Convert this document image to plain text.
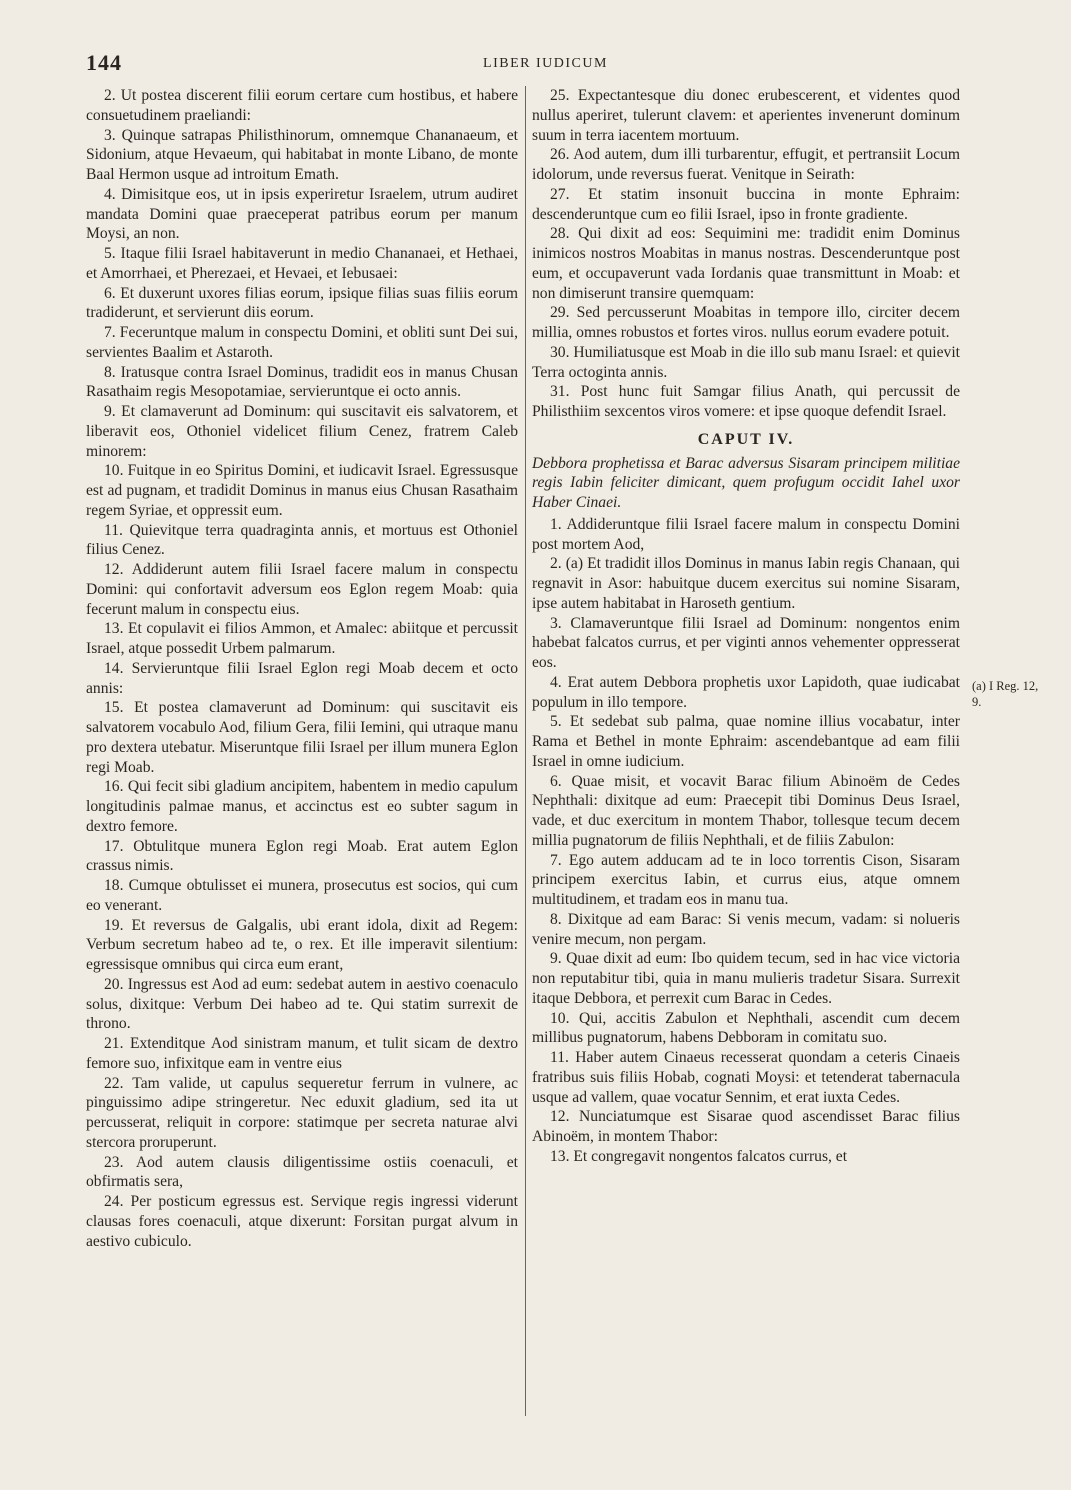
144	LIBER IUDICUM

2. Ut postea discerent filii eorum certare cum hostibus, et habere consuetudinem praeliandi:

3. Quinque satrapas Philisthinorum, omnemque Chananaeum, et Sidonium, atque Hevaeum, qui habitabat in monte Libano, de monte Baal Hermon usque ad introitum Emath.

4. Dimisitque eos, ut in ipsis experiretur Israelem, utrum audiret mandata Domini quae praeceperat patribus eorum per manum Moysi, an non.

5. Itaque filii Israel habitaverunt in medio Chananaei, et Hethaei, et Amorrhaei, et Pherezaei, et Hevaei, et Iebusaei:

6. Et duxerunt uxores filias eorum, ipsique filias suas filiis eorum tradiderunt, et servierunt diis eorum.

7. Feceruntque malum in conspectu Domini, et obliti sunt Dei sui, servientes Baalim et Astaroth.

8. Iratusque contra Israel Dominus, tradidit eos in manus Chusan Rasathaim regis Mesopotamiae, servieruntque ei octo annis.

9. Et clamaverunt ad Dominum: qui suscitavit eis salvatorem, et liberavit eos, Othoniel videlicet filium Cenez, fratrem Caleb minorem:

10. Fuitque in eo Spiritus Domini, et iudicavit Israel. Egressusque est ad pugnam, et tradidit Dominus in manus eius Chusan Rasathaim regem Syriae, et oppressit eum.

11. Quievitque terra quadraginta annis, et mortuus est Othoniel filius Cenez.

12. Addiderunt autem filii Israel facere malum in conspectu Domini: qui confortavit adversum eos Eglon regem Moab: quia fecerunt malum in conspectu eius.

13. Et copulavit ei filios Ammon, et Amalec: abiitque et percussit Israel, atque possedit Urbem palmarum.

14. Servieruntque filii Israel Eglon regi Moab decem et octo annis:

15. Et postea clamaverunt ad Dominum: qui suscitavit eis salvatorem vocabulo Aod, filium Gera, filii Iemini, qui utraque manu pro dextera utebatur. Miseruntque filii Israel per illum munera Eglon regi Moab.

16. Qui fecit sibi gladium ancipitem, habentem in medio capulum longitudinis palmae manus, et accinctus est eo subter sagum in dextro femore.

17. Obtulitque munera Eglon regi Moab. Erat autem Eglon crassus nimis.

18. Cumque obtulisset ei munera, prosecutus est socios, qui cum eo venerant.

19. Et reversus de Galgalis, ubi erant idola, dixit ad Regem: Verbum secretum habeo ad te, o rex. Et ille imperavit silentium: egressisque omnibus qui circa eum erant,

20. Ingressus est Aod ad eum: sedebat autem in aestivo coenaculo solus, dixitque: Verbum Dei habeo ad te. Qui statim surrexit de throno.

21. Extenditque Aod sinistram manum, et tulit sicam de dextro femore suo, infixitque eam in ventre eius

22. Tam valide, ut capulus sequeretur ferrum in vulnere, ac pinguissimo adipe stringeretur. Nec eduxit gladium, sed ita ut percusserat, reliquit in corpore: statimque per secreta naturae alvi stercora proruperunt.

23. Aod autem clausis diligentissime ostiis coenaculi, et obfirmatis sera,

24. Per posticum egressus est. Servique regis ingressi viderunt clausas fores coenaculi, atque dixerunt: Forsitan purgat alvum in aestivo cubiculo.

25. Expectantesque diu donec erubescerent, et videntes quod nullus aperiret, tulerunt clavem: et aperientes invenerunt dominum suum in terra iacentem mortuum.

26. Aod autem, dum illi turbarentur, effugit, et pertransiit Locum idolorum, unde reversus fuerat. Venitque in Seirath:

27. Et statim insonuit buccina in monte Ephraim: descenderuntque cum eo filii Israel, ipso in fronte gradiente.

28. Qui dixit ad eos: Sequimini me: tradidit enim Dominus inimicos nostros Moabitas in manus nostras. Descenderuntque post eum, et occupaverunt vada Iordanis quae transmittunt in Moab: et non dimiserunt transire quemquam:

29. Sed percusserunt Moabitas in tempore illo, circiter decem millia, omnes robustos et fortes viros. nullus eorum evadere potuit.

30. Humiliatusque est Moab in die illo sub manu Israel: et quievit Terra octoginta annis.

31. Post hunc fuit Samgar filius Anath, qui percussit de Philisthiim sexcentos viros vomere: et ipse quoque defendit Israel.

CAPUT IV.

Debbora prophetissa et Barac adversus Sisaram principem militiae regis Iabin feliciter dimicant, quem profugum occidit Iahel uxor Haber Cinaei.

1. Addideruntque filii Israel facere malum in conspectu Domini post mortem Aod,

2. (a) Et tradidit illos Dominus in manus Iabin regis Chanaan, qui regnavit in Asor: habuitque ducem exercitus sui nomine Sisaram, ipse autem habitabat in Haroseth gentium.

3. Clamaveruntque filii Israel ad Dominum: nongentos enim habebat falcatos currus, et per viginti annos vehementer oppresserat eos.

4. Erat autem Debbora prophetis uxor Lapidoth, quae iudicabat populum in illo tempore.

5. Et sedebat sub palma, quae nomine illius vocabatur, inter Rama et Bethel in monte Ephraim: ascendebantque ad eam filii Israel in omne iudicium.

6. Quae misit, et vocavit Barac filium Abinoëm de Cedes Nephthali: dixitque ad eum: Praecepit tibi Dominus Deus Israel, vade, et duc exercitum in montem Thabor, tollesque tecum decem millia pugnatorum de filiis Nephthali, et de filiis Zabulon:

7. Ego autem adducam ad te in loco torrentis Cison, Sisaram principem exercitus Iabin, et currus eius, atque omnem multitudinem, et tradam eos in manu tua.

8. Dixitque ad eam Barac: Si venis mecum, vadam: si nolueris venire mecum, non pergam.

9. Quae dixit ad eum: Ibo quidem tecum, sed in hac vice victoria non reputabitur tibi, quia in manu mulieris tradetur Sisara. Surrexit itaque Debbora, et perrexit cum Barac in Cedes.

10. Qui, accitis Zabulon et Nephthali, ascendit cum decem millibus pugnatorum, habens Debboram in comitatu suo.

11. Haber autem Cinaeus recesserat quondam a ceteris Cinaeis fratribus suis filiis Hobab, cognati Moysi: et tetenderat tabernacula usque ad vallem, quae vocatur Sennim, et erat iuxta Cedes.

12. Nunciatumque est Sisarae quod ascendisset Barac filius Abinoëm, in montem Thabor:

13. Et congregavit nongentos falcatos currus, et

(a) I Reg. 12, 9.
